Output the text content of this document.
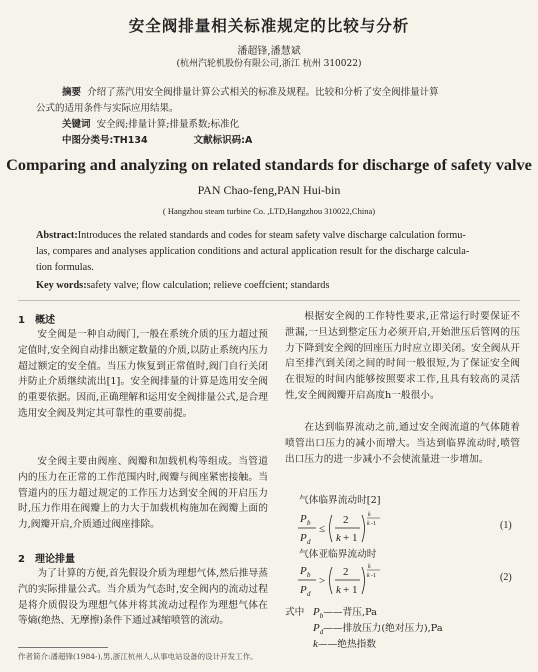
安全阀排量相关标准规定的比较与分析
潘超锋,潘慧斌
(杭州汽轮机股份有限公司,浙江 杭州 310022)
摘要 介绍了蒸汽用安全阀排量计算公式相关的标准及规程。比较和分析了安全阀排量计算
公式的适用条件与实际应用结果。
关键词 安全阀;排量计算;排量系数;标准化
中图分类号:TH134	文献标识码:A
Comparing and analyzing on related standards for discharge of safety valve
PAN Chao-feng,PAN Hui-bin
( Hangzhou steam turbine Co. ,LTD,Hangzhou 310022,China)
Abstract:Introduces the related standards and codes for steam safety valve discharge calculation formu-
las, compares and analyses application conditions and actural application result for the discharge calcula-
tion formulas.
Key words:safety valve; flow calculation; relieve coeffcient; standards
1　概述
安全阀是一种自动阀门,一般在系统介质的压力超过预定值时,安全阀自动排出额定数量的介质,以防止系统内压力超过额定的安全值。当压力恢复到正常值时,阀门自行关闭并防止介质继续流出[1]。安全阀排量的计算是选用安全阀的重要依据。因而,正确理解和运用安全阀排量公式,是合理选用安全阀及判定其可靠性的重要前提。
安全阀主要由阀座、阀瓣和加载机构等组成。当管道内的压力在正常的工作范围内时,阀瓣与阀座紧密接触。当管道内的压力超过规定的工作压力达到安全阀的开启压力时,压力作用在阀瓣上的力大于加载机构施加在阀瓣上面的力,阀瓣开启,介质通过阀座排除。
2　理论排量
为了计算的方便,首先假设介质为理想气体,然后推导蒸汽的实际排量公式。当介质为气态时,安全阀内的流动过程是将介质假设为理想气体并将其流动过程作为理想气体在等熵(绝热、无摩擦)条件下通过减缩喷管的流动。
根据安全阀的工作特性要求,正常运行时要保证不泄漏,一旦达到整定压力必须开启,开始泄压后管网的压力下降到安全阀的回座压力时应立即关闭。安全阀从开启至排汽到关闭之间的时间一般很短,为了保证安全阀在很短的时间内能够按照要求工作,且具有较高的灵活性,安全阀阀瓣开启高度h一般很小。
在达到临界流动之前,通过安全阀流道的气体随着喷管出口压力的减小而增大。当达到临界流动时,喷管出口压力的进一步减小不会使流量进一步增加。
气体临界流动时[2]
P b
P d
≤
2
k + 1
k
k -1	(1)
气体亚临界流动时
P b
P d
>
2
k + 1
k
k -1	(2)
式中 $P_b——$背压,Pa
$P_d——$排放压力(绝对压力),Pa
k——绝热指数
作者简介:潘超锋(1984-),男,浙江杭州人,从事电站设备的设计开发工作。
